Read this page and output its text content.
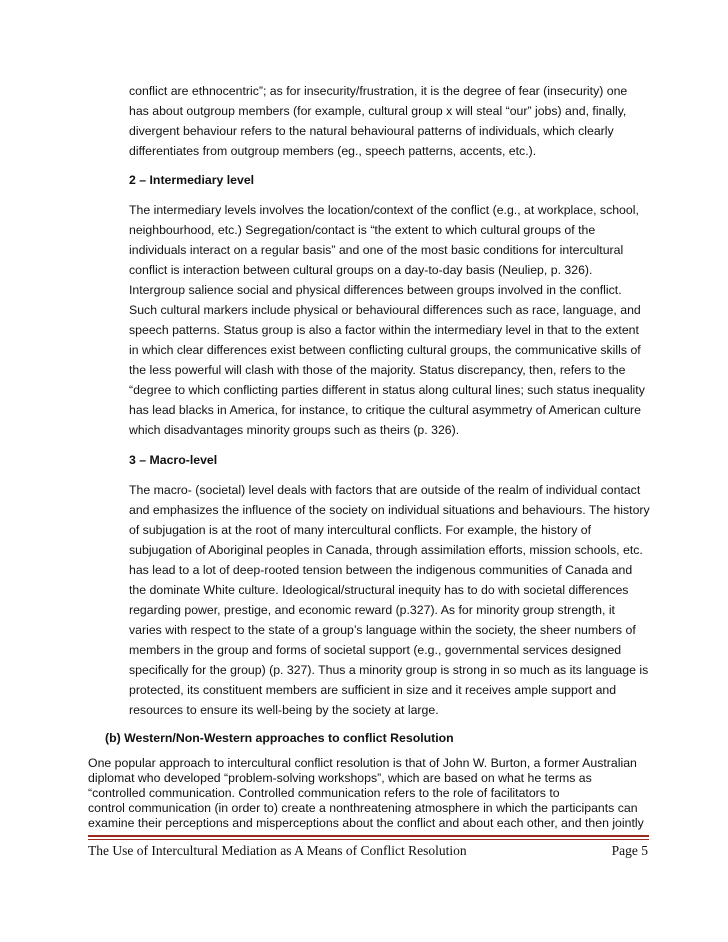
conflict are ethnocentric”; as for insecurity/frustration, it is the degree of fear (insecurity) one
has about outgroup members (for example, cultural group x will steal “our” jobs) and, finally,
divergent behaviour refers to the natural behavioural patterns of individuals, which clearly
differentiates from outgroup members (eg., speech patterns, accents, etc.).
2 – Intermediary level
The intermediary levels involves the location/context of the conflict (e.g., at workplace, school,
neighbourhood, etc.) Segregation/contact is “the extent to which cultural groups of the
individuals interact on a regular basis” and one of the most basic conditions for intercultural
conflict is interaction between cultural groups on a day-to-day basis (Neuliep, p. 326).
Intergroup salience social and physical differences between groups involved in the conflict.
Such cultural markers include physical or behavioural differences such as race, language, and
speech patterns. Status group is also a factor within the intermediary level in that to the extent
in which clear differences exist between conflicting cultural groups, the communicative skills of
the less powerful will clash with those of the majority. Status discrepancy, then, refers to the
“degree to which conflicting parties different in status along cultural lines; such status inequality
has lead blacks in America, for instance, to critique the cultural asymmetry of American culture
which disadvantages minority groups such as theirs (p. 326).
3 – Macro-level
The macro- (societal) level deals with factors that are outside of the realm of individual contact
and emphasizes the influence of the society on individual situations and behaviours. The history
of subjugation is at the root of many intercultural conflicts. For example, the history of
subjugation of Aboriginal peoples in Canada, through assimilation efforts, mission schools, etc.
has lead to a lot of deep-rooted tension between the indigenous communities of Canada and
the dominate White culture. Ideological/structural inequity has to do with societal differences
regarding power, prestige, and economic reward (p.327). As for minority group strength, it
varies with respect to the state of a group’s language within the society, the sheer numbers of
members in the group and forms of societal support (e.g., governmental services designed
specifically for the group) (p. 327). Thus a minority group is strong in so much as its language is
protected, its constituent members are sufficient in size and it receives ample support and
resources to ensure its well-being by the society at large.
(b) Western/Non-Western approaches to conflict Resolution
One popular approach to intercultural conflict resolution is that of John W. Burton, a former Australian
diplomat who developed “problem-solving workshops”, which are based on what he terms as
“controlled communication. Controlled communication refers to the role of facilitators to
control communication (in order to) create a nonthreatening atmosphere in which the participants can
examine their perceptions and misperceptions about the conflict and about each other, and then jointly
The Use of Intercultural Mediation as A Means of Conflict Resolution	Page 5
